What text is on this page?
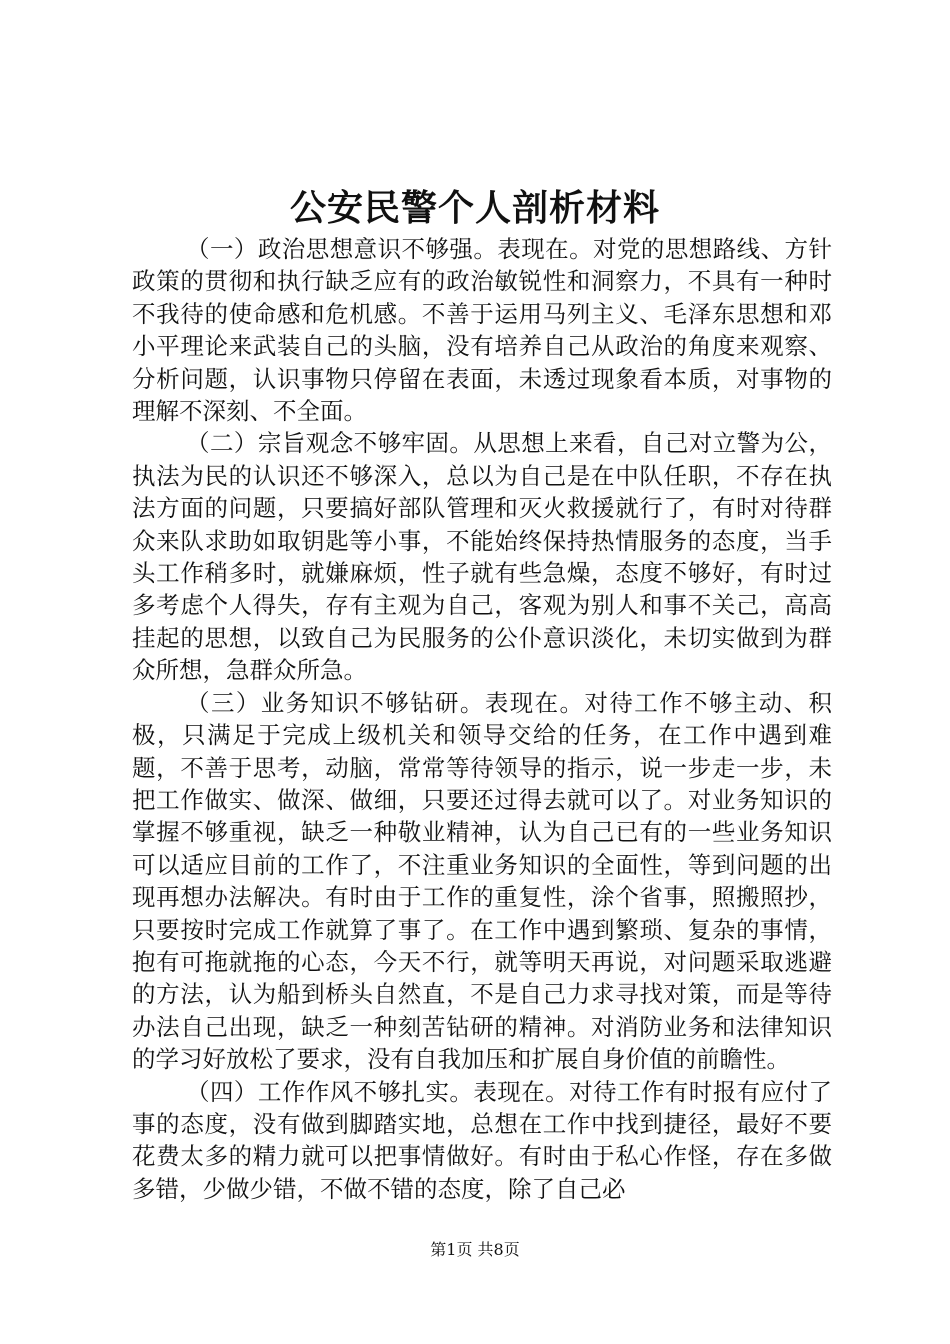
公安民警个人剖析材料

（一）政治思想意识不够强。表现在。对党的思想路线、方针政策的贯彻和执行缺乏应有的政治敏锐性和洞察力，不具有一种时不我待的使命感和危机感。不善于运用马列主义、毛泽东思想和邓小平理论来武装自己的头脑，没有培养自己从政治的角度来观察、分析问题，认识事物只停留在表面，未透过现象看本质，对事物的理解不深刻、不全面。

（二）宗旨观念不够牢固。从思想上来看，自己对立警为公，执法为民的认识还不够深入，总以为自己是在中队任职，不存在执法方面的问题，只要搞好部队管理和灭火救援就行了，有时对待群众来队求助如取钥匙等小事，不能始终保持热情服务的态度，当手头工作稍多时，就嫌麻烦，性子就有些急燥，态度不够好，有时过多考虑个人得失，存有主观为自己，客观为别人和事不关己，高高挂起的思想，以致自己为民服务的公仆意识淡化，未切实做到为群众所想，急群众所急。

（三）业务知识不够钻研。表现在。对待工作不够主动、积极，只满足于完成上级机关和领导交给的任务，在工作中遇到难题，不善于思考，动脑，常常等待领导的指示，说一步走一步，未把工作做实、做深、做细，只要还过得去就可以了。对业务知识的掌握不够重视，缺乏一种敬业精神，认为自己已有的一些业务知识可以适应目前的工作了，不注重业务知识的全面性，等到问题的出现再想办法解决。有时由于工作的重复性，涂个省事，照搬照抄，只要按时完成工作就算了事了。在工作中遇到繁琐、复杂的事情，抱有可拖就拖的心态，今天不行，就等明天再说，对问题采取逃避的方法，认为船到桥头自然直，不是自己力求寻找对策，而是等待办法自己出现，缺乏一种刻苦钻研的精神。对消防业务和法律知识的学习好放松了要求，没有自我加压和扩展自身价值的前瞻性。

（四）工作作风不够扎实。表现在。对待工作有时报有应付了事的态度，没有做到脚踏实地，总想在工作中找到捷径，最好不要花费太多的精力就可以把事情做好。有时由于私心作怪，存在多做多错，少做少错，不做不错的态度，除了自己必

第1页 共8页
